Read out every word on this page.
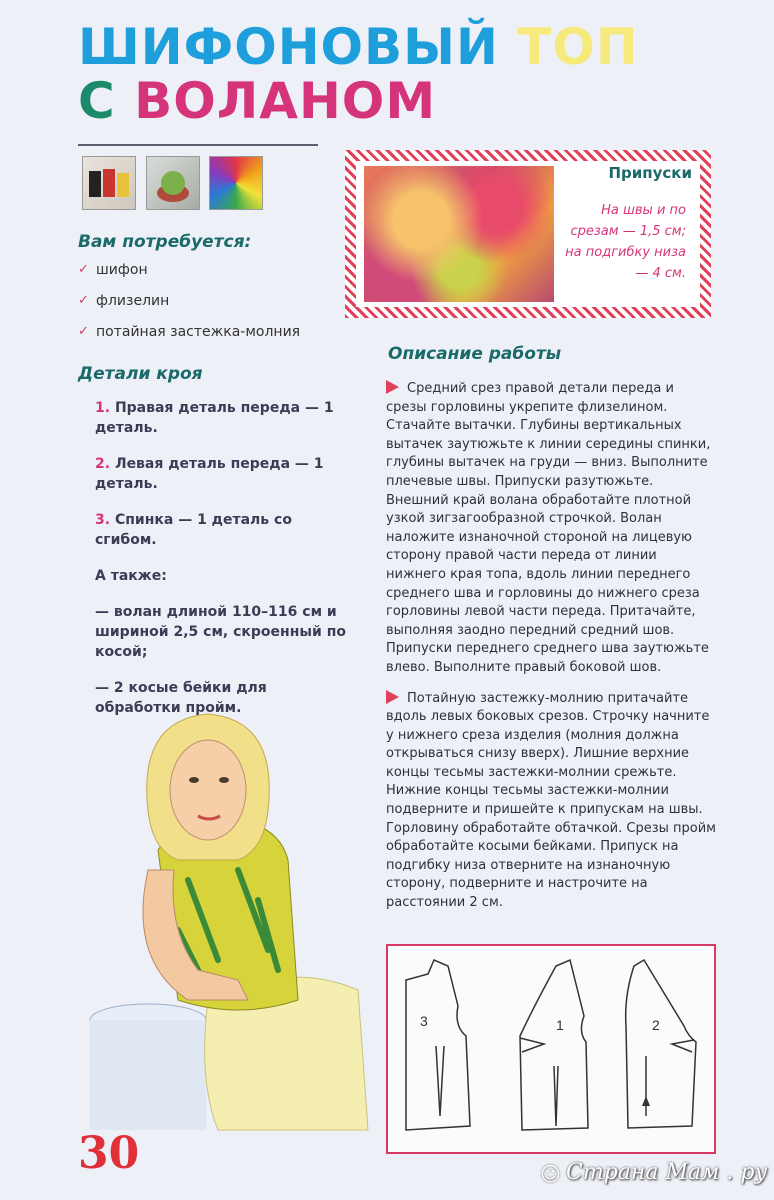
ШИФОНОВЫЙ ТОП
С ВОЛАНОМ
Вам потребуется:
✓ шифон
✓ флизелин
✓ потайная застежка-молния
Детали кроя

1. Правая деталь переда — 1 деталь.

2. Левая деталь переда — 1 деталь.

3. Спинка — 1 деталь со сгибом.

А также:

— волан длиной 110–116 см и шириной 2,5 см, скроенный по косой;

— 2 косые бейки для обработки пройм.

Припуски
На швы и по срезам — 1,5 см; на подгибку низа — 4 см.
Описание работы

Средний срез правой детали переда и срезы горловины укрепите флизелином. Стачайте вытачки. Глубины вертикальных вытачек заутюжьте к линии середины спинки, глубины вытачек на груди — вниз. Выполните плечевые швы. Припуски разутюжьте. Внешний край волана обработайте плотной узкой зигзагообразной строчкой. Волан наложите изнаночной стороной на лицевую сторону правой части переда от линии нижнего края топа, вдоль линии переднего среднего шва и горловины до нижнего среза горловины левой части переда. Притачайте, выполняя заодно передний средний шов. Припуски переднего среднего шва заутюжьте влево. Выполните правый боковой шов.

Потайную застежку-молнию притачайте вдоль левых боковых срезов. Строчку начните у нижнего среза изделия (молния должна открываться снизу вверх). Лишние верхние концы тесьмы застежки-молнии срежьте. Нижние концы тесьмы застежки-молнии подверните и пришейте к припускам на швы. Горловину обработайте обтачкой. Срезы пройм обработайте косыми бейками. Припуск на подгибку низа отверните на изнаночную сторону, подверните и настрочите на расстоянии 2 см.

3	1	2
30	☺ Страна Мам . ру
